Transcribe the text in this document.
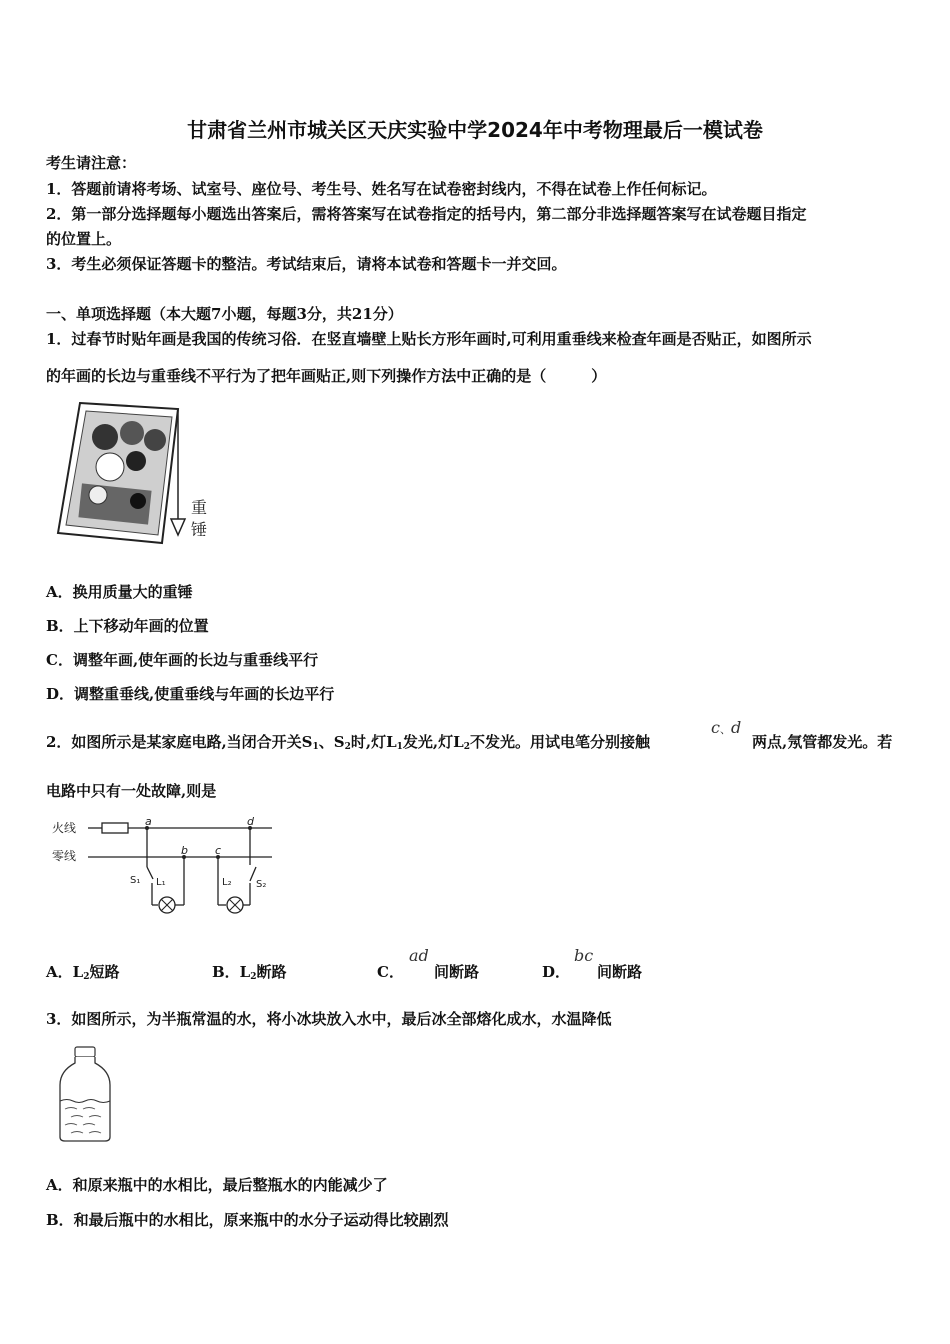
甘肃省兰州市城关区天庆实验中学2024年中考物理最后一模试卷
考生请注意：
1．答题前请将考场、试室号、座位号、考生号、姓名写在试卷密封线内，不得在试卷上作任何标记。
2．第一部分选择题每小题选出答案后，需将答案写在试卷指定的括号内，第二部分非选择题答案写在试卷题目指定
的位置上。
3．考生必须保证答题卡的整洁。考试结束后，请将本试卷和答题卡一并交回。
一、单项选择题（本大题7小题，每题3分，共21分）
1．过春节时贴年画是我国的传统习俗．在竖直墙壁上贴长方形年画时,可利用重垂线来检查年画是否贴正，如图所示
的年画的长边与重垂线不平行为了把年画贴正,则下列操作方法中正确的是（　　　）
重
锤
A．换用质量大的重锤
B．上下移动年画的位置
C．调整年画,使年画的长边与重垂线平行
D．调整重垂线,使重垂线与年画的长边平行
2．如图所示是某家庭电路,当闭合开关$S_1$、$S_2$时,灯$L_1$发光,灯$L_2$不发光。用试电笔分别接触
c、d
两点,氖管都发光。若
电路中只有一处故障,则是
火线
零线
a	d
b c
S₁ L₁	L₂ S₂
A．$L_2$短路	B．$L_2$断路	C．
ad
间断路	D．
bc
间断路
3．如图所示，为半瓶常温的水，将小冰块放入水中，最后冰全部熔化成水，水温降低
A．和原来瓶中的水相比，最后整瓶水的内能减少了
B．和最后瓶中的水相比，原来瓶中的水分子运动得比较剧烈
